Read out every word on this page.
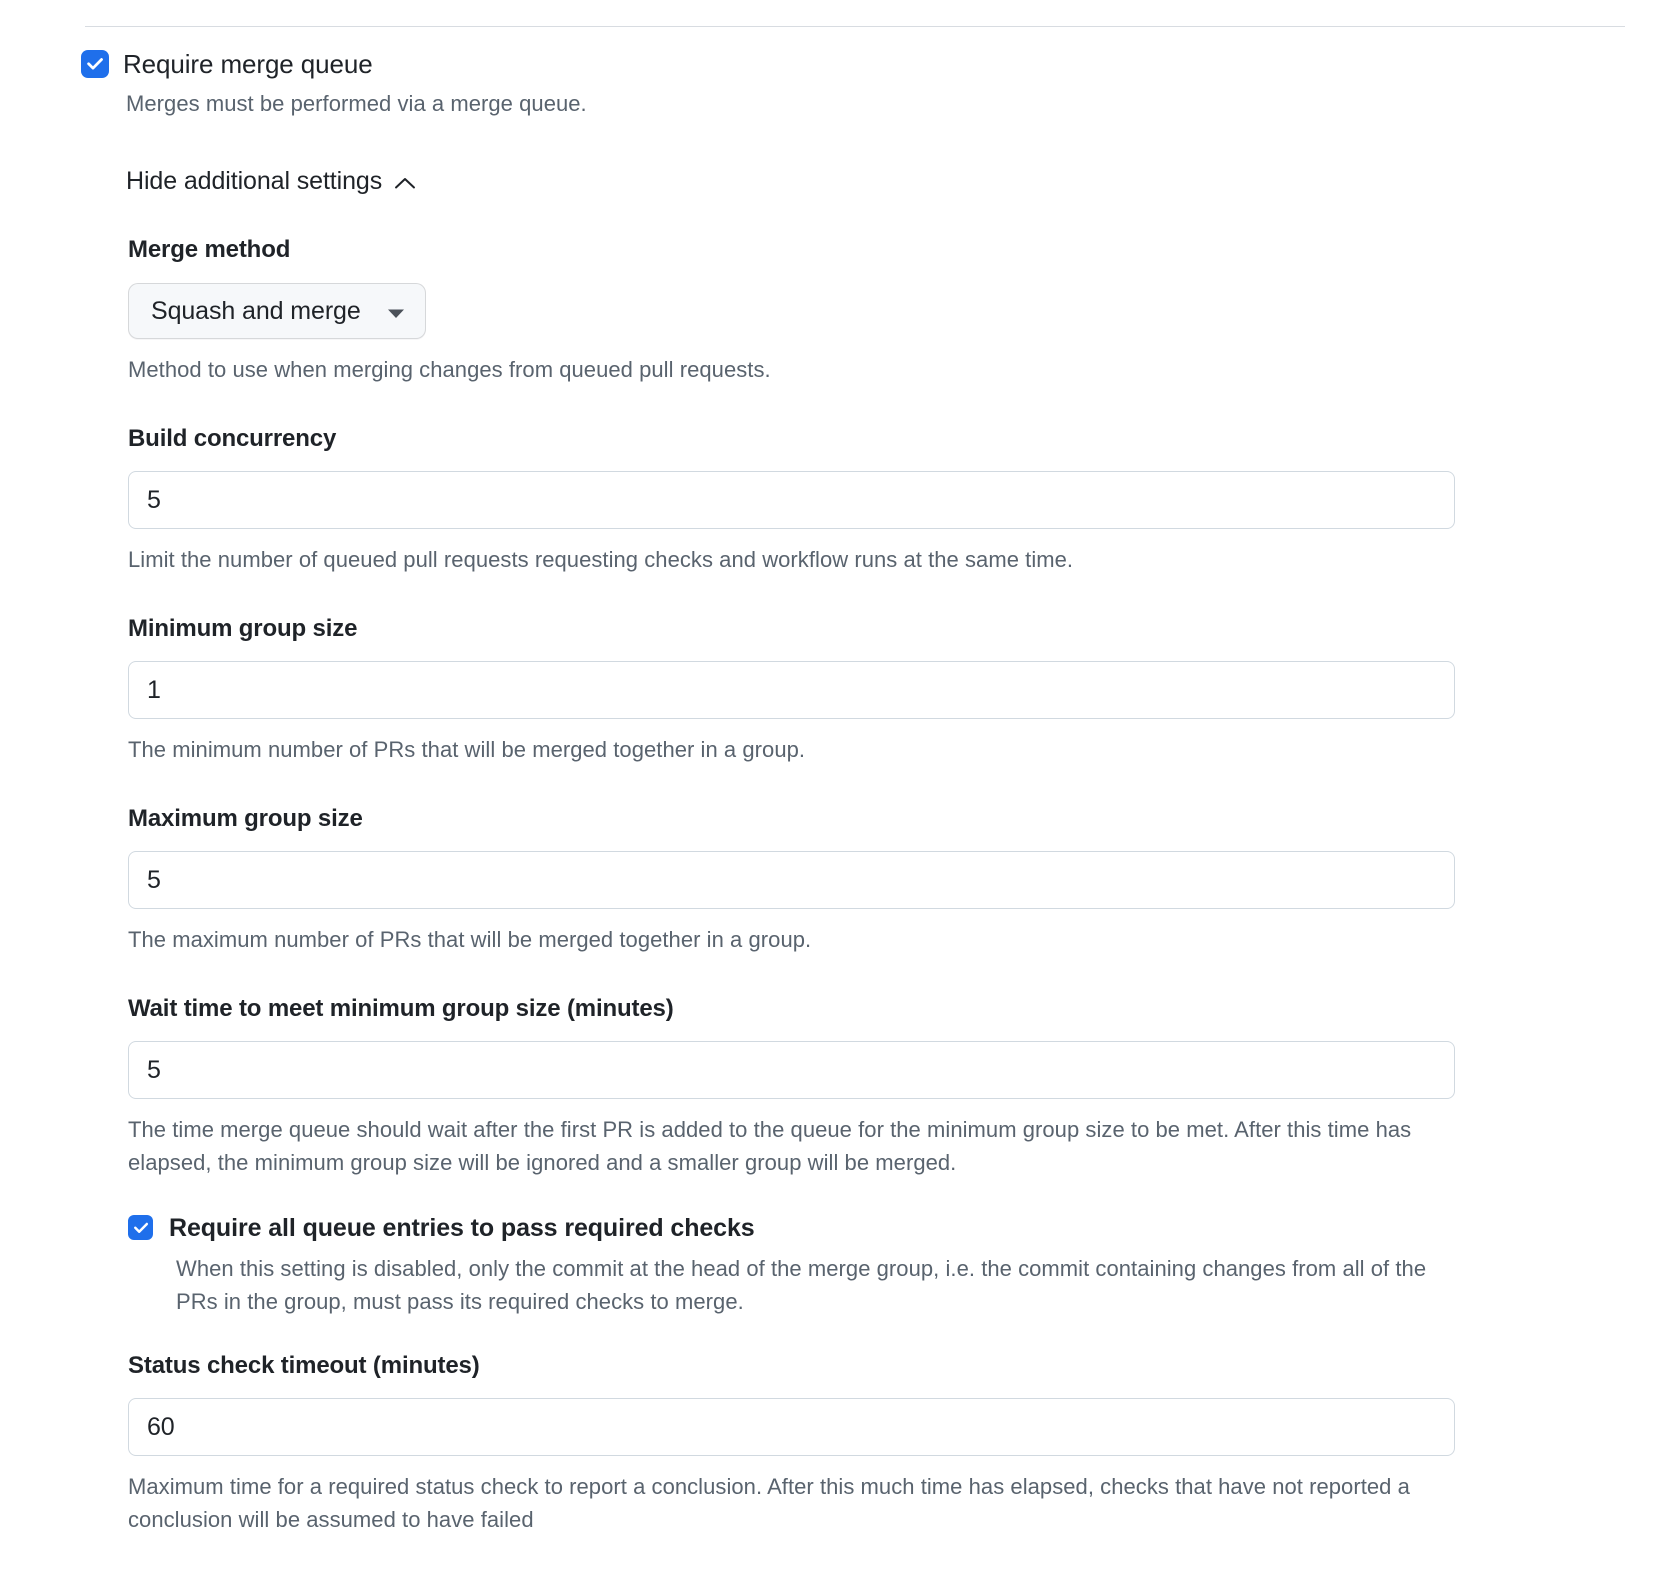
Require merge queue
Merges must be performed via a merge queue.
Hide additional settings
Merge method
Squash and merge
Method to use when merging changes from queued pull requests.
Build concurrency
5
Limit the number of queued pull requests requesting checks and workflow runs at the same time.
Minimum group size
1
The minimum number of PRs that will be merged together in a group.
Maximum group size
5
The maximum number of PRs that will be merged together in a group.
Wait time to meet minimum group size (minutes)
5
The time merge queue should wait after the first PR is added to the queue for the minimum group size to be met. After this time has elapsed, the minimum group size will be ignored and a smaller group will be merged.
Require all queue entries to pass required checks
When this setting is disabled, only the commit at the head of the merge group, i.e. the commit containing changes from all of the PRs in the group, must pass its required checks to merge.
Status check timeout (minutes)
60
Maximum time for a required status check to report a conclusion. After this much time has elapsed, checks that have not reported a conclusion will be assumed to have failed
